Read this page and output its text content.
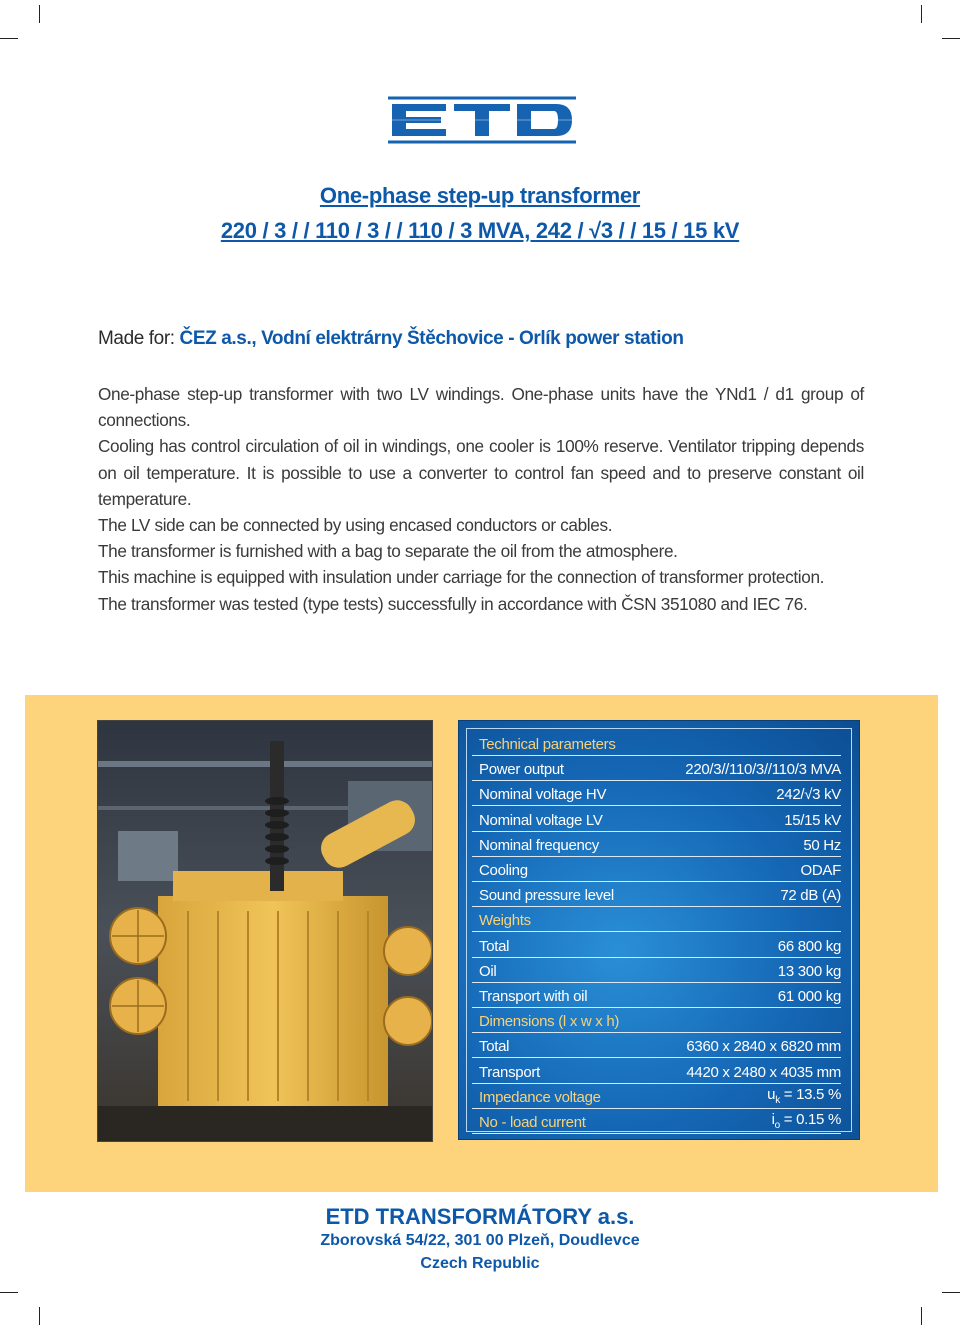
One-phase step-up transformer
220 / 3 / / 110 / 3 / / 110 / 3 MVA, 242 / √3 / / 15 / 15 kV
Made for: ČEZ a.s., Vodní elektrárny Štěchovice - Orlík power station

One-phase step-up transformer with two LV windings. One-phase units have the YNd1 / d1 group of connections.

Cooling has control circulation of oil in windings, one cooler is 100% reserve. Ventilator tripping depends on oil temperature. It is possible to use a converter to control fan speed and to preserve constant oil temperature.

The LV side can be connected by using encased conductors or cables.

The transformer is furnished with a bag to separate the oil from the atmosphere.

This machine is equipped with insulation under carriage for the connection of transformer protection.

The transformer was tested (type tests) successfully in accordance with ČSN 351080 and IEC 76.

Technical parameters
Power output	220/3//110/3//110/3 MVA
Nominal voltage HV	242/√3 kV
Nominal voltage LV	15/15 kV
Nominal frequency	50 Hz
Cooling	ODAF
Sound pressure level	72 dB (A)
Weights
Total	66 800 kg
Oil	13 300 kg
Transport with oil	61 000 kg
Dimensions (l x w x h)
Total	6360 x 2840 x 6820 mm
Transport	4420 x 2480 x 4035 mm
Impedance voltage	$u_k = 13.5$ %
No - load current	$i_o = 0.15$ %
ETD TRANSFORMÁTORY a.s.
Zborovská 54/22, 301 00 Plzeň, Doudlevce
Czech Republic
